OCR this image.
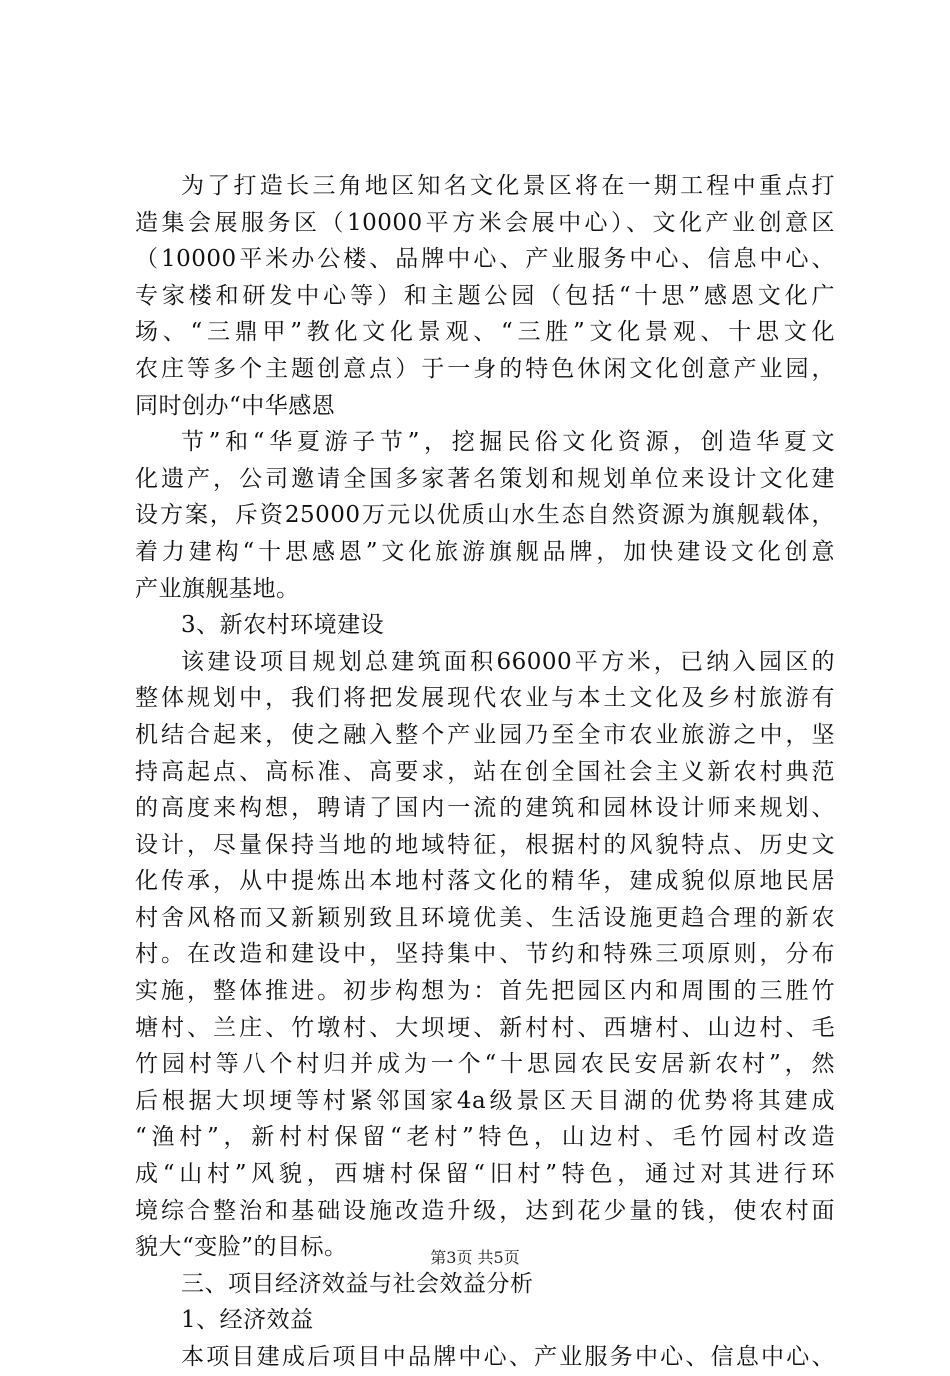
为了打造长三角地区知名文化景区将在一期工程中重点打
造集会展服务区（10000平方米会展中心）、文化产业创意区
（10000平米办公楼、品牌中心、产业服务中心、信息中心、
专家楼和研发中心等）和主题公园（包括“十思”感恩文化广
场、“三鼎甲”教化文化景观、“三胜”文化景观、十思文化
农庄等多个主题创意点）于一身的特色休闲文化创意产业园，
同时创办“中华感恩
节”和“华夏游子节”，挖掘民俗文化资源，创造华夏文
化遗产，公司邀请全国多家著名策划和规划单位来设计文化建
设方案，斥资25000万元以优质山水生态自然资源为旗舰载体，
着力建构“十思感恩”文化旅游旗舰品牌，加快建设文化创意
产业旗舰基地。
3、新农村环境建设
该建设项目规划总建筑面积66000平方米，已纳入园区的
整体规划中，我们将把发展现代农业与本土文化及乡村旅游有
机结合起来，使之融入整个产业园乃至全市农业旅游之中，坚
持高起点、高标准、高要求，站在创全国社会主义新农村典范
的高度来构想，聘请了国内一流的建筑和园林设计师来规划、
设计，尽量保持当地的地域特征，根据村的风貌特点、历史文
化传承，从中提炼出本地村落文化的精华，建成貌似原地民居
村舍风格而又新颖别致且环境优美、生活设施更趋合理的新农
村。在改造和建设中，坚持集中、节约和特殊三项原则，分布
实施，整体推进。初步构想为：首先把园区内和周围的三胜竹
塘村、兰庄、竹墩村、大坝埂、新村村、西塘村、山边村、毛
竹园村等八个村归并成为一个“十思园农民安居新农村”，然
后根据大坝埂等村紧邻国家4a级景区天目湖的优势将其建成
“渔村”，新村村保留“老村”特色，山边村、毛竹园村改造
成“山村”风貌，西塘村保留“旧村”特色，通过对其进行环
境综合整治和基础设施改造升级，达到花少量的钱，使农村面
貌大“变脸”的目标。
三、项目经济效益与社会效益分析
1、经济效益
本项目建成后项目中品牌中心、产业服务中心、信息中心、
第3页 共5页
